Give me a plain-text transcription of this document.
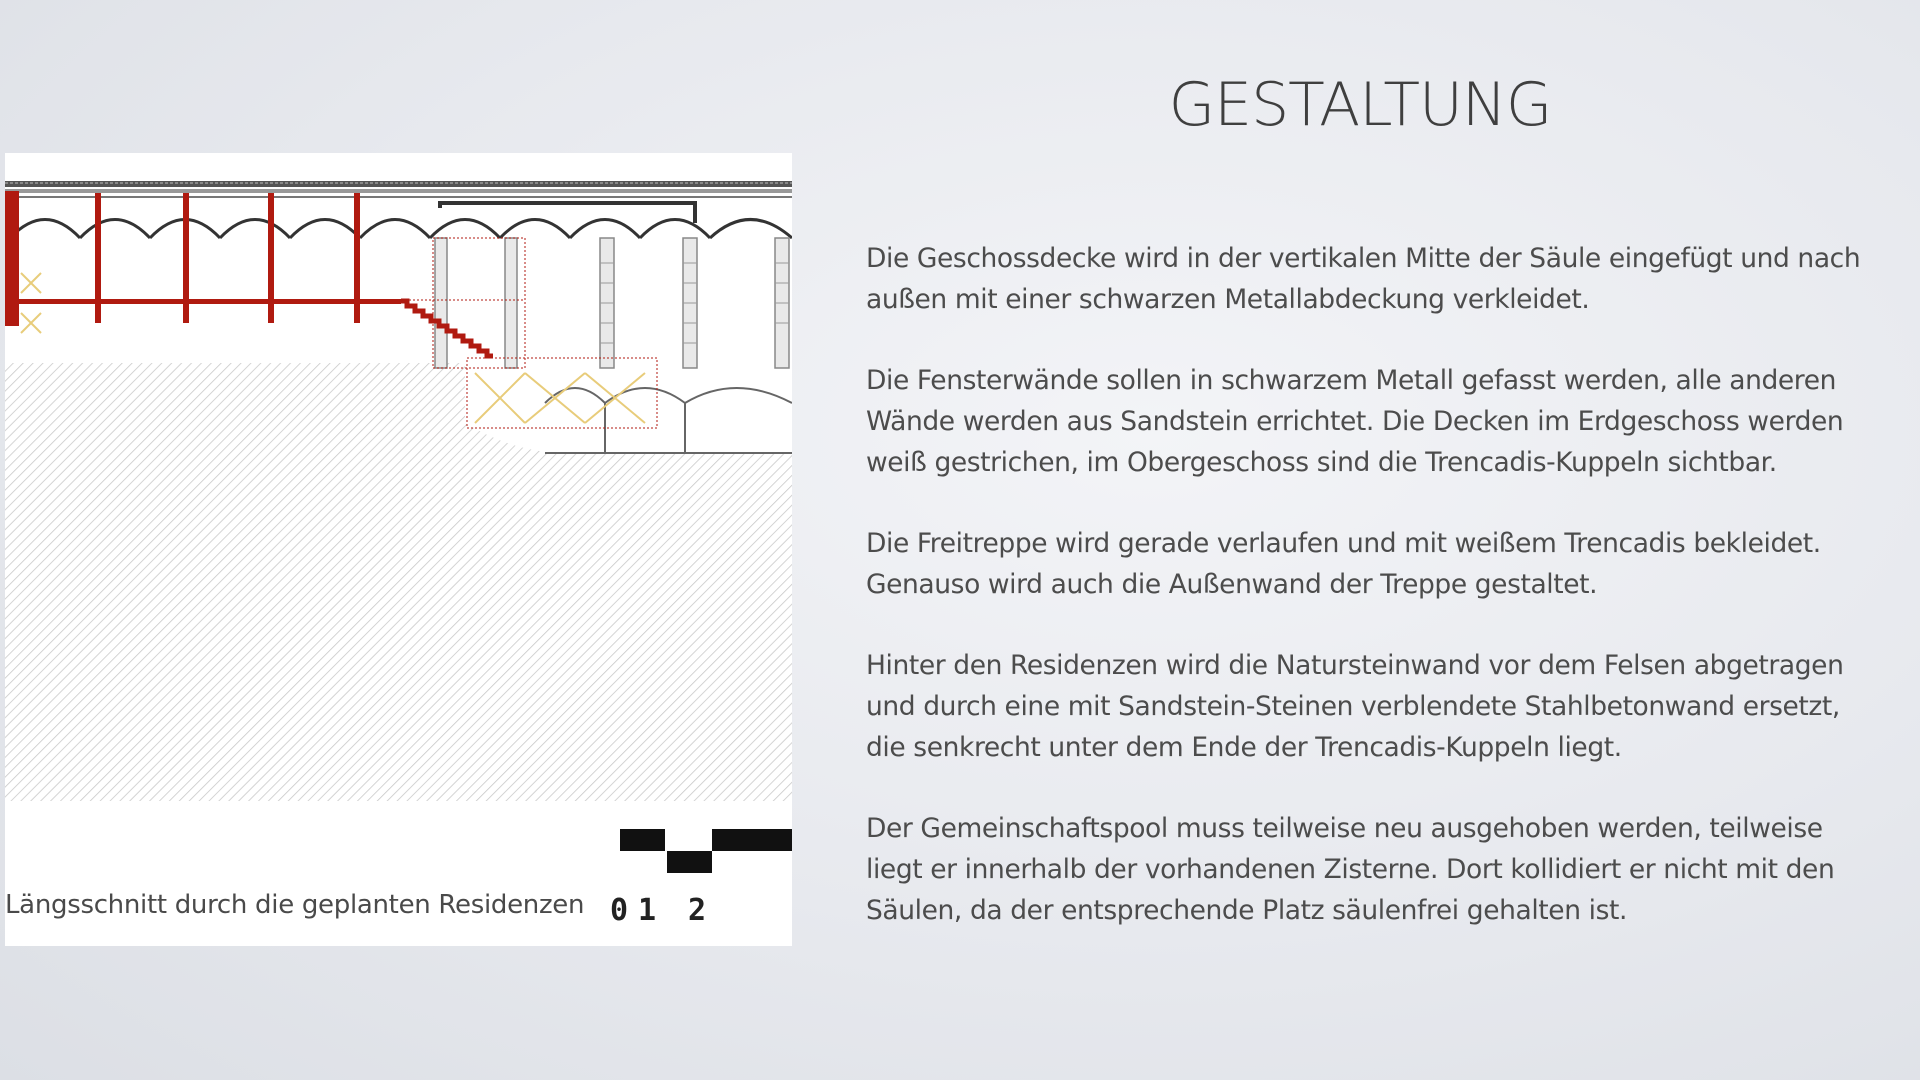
GESTALTUNG
Längsschnitt durch die geplanten Residenzen 0 1 2

Die Geschossdecke wird in der vertikalen Mitte der Säule eingefügt und nach außen mit einer schwarzen Metallabdeckung verkleidet.

Die Fensterwände sollen in schwarzem Metall gefasst werden, alle anderen Wände werden aus Sandstein errichtet. Die Decken im Erdgeschoss werden weiß gestrichen, im Obergeschoss sind die Trencadis-Kuppeln sichtbar.

Die Freitreppe wird gerade verlaufen und mit weißem Trencadis bekleidet. Genauso wird auch die Außenwand der Treppe gestaltet.

Hinter den Residenzen wird die Natursteinwand vor dem Felsen abgetragen und durch eine mit Sandstein-Steinen verblendete Stahlbetonwand ersetzt, die senkrecht unter dem Ende der Trencadis-Kuppeln liegt.

Der Gemeinschaftspool muss teilweise neu ausgehoben werden, teilweise liegt er innerhalb der vorhandenen Zisterne. Dort kollidiert er nicht mit den Säulen, da der entsprechende Platz säulenfrei gehalten ist.
